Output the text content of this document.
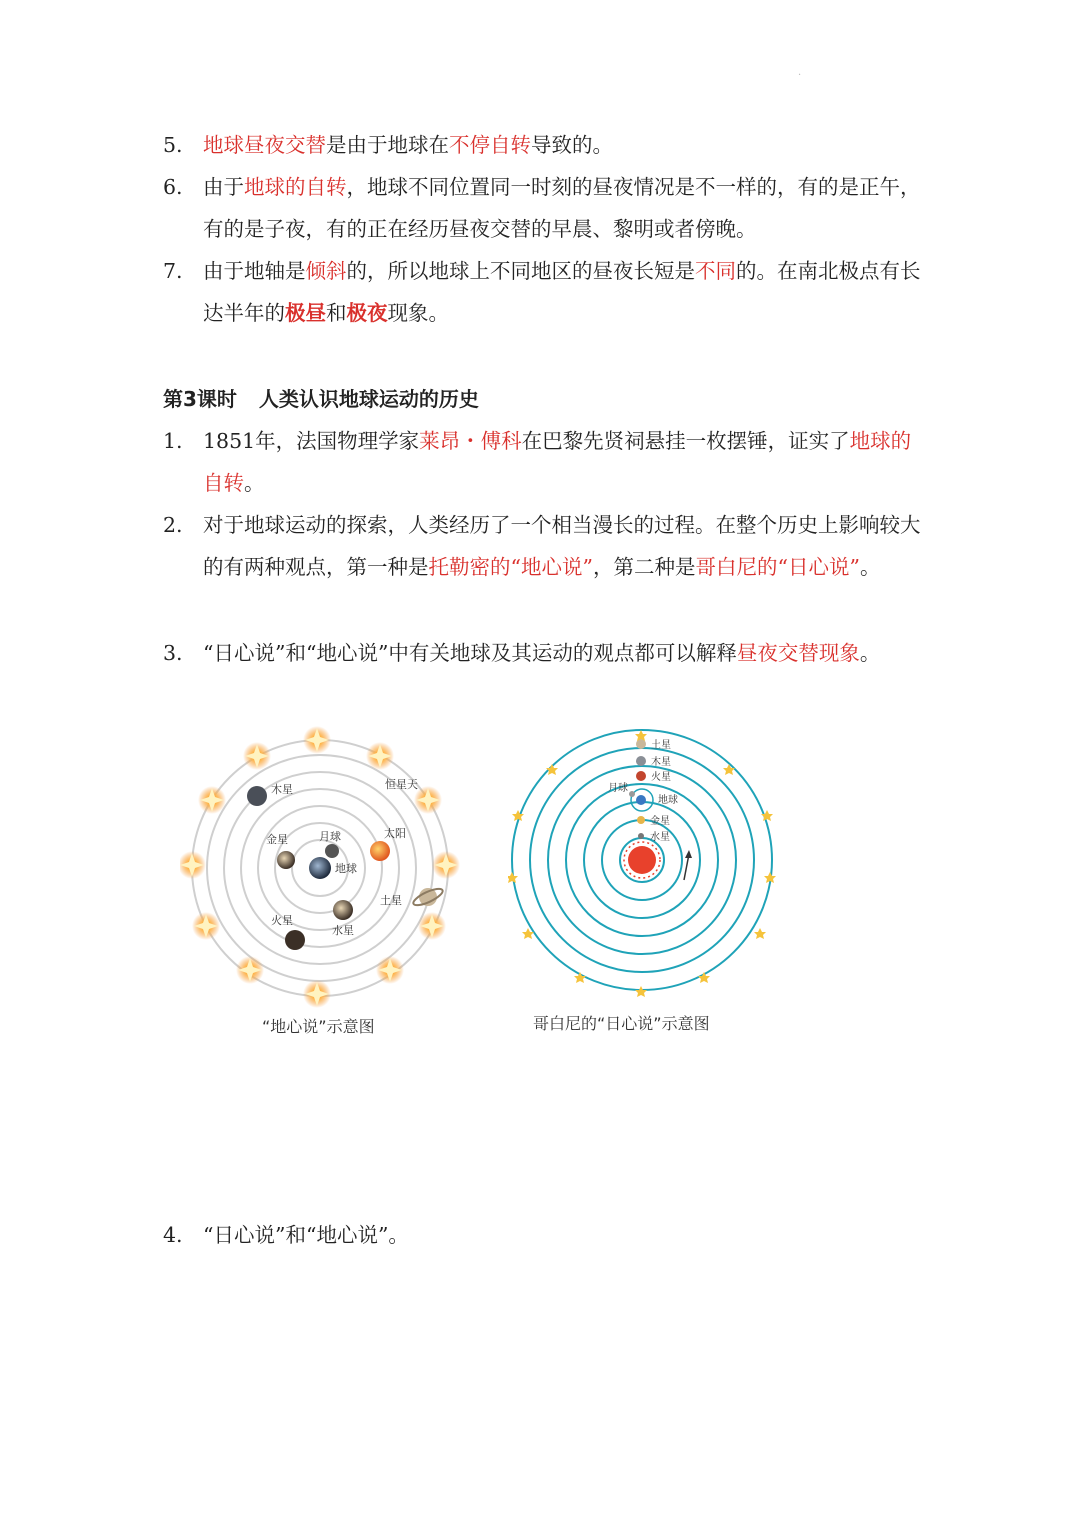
·
5. 地球昼夜交替是由于地球在不停自转导致的。
6. 由于地球的自转，地球不同位置同一时刻的昼夜情况是不一样的，有的是正午，有的是子夜，有的正在经历昼夜交替的早晨、黎明或者傍晚。
7. 由于地轴是倾斜的，所以地球上不同地区的昼夜长短是不同的。在南北极点有长达半年的极昼和极夜现象。
第3课时 人类认识地球运动的历史
1. 1851年，法国物理学家莱昂・傅科在巴黎先贤祠悬挂一枚摆锤，证实了地球的自转。
2. 对于地球运动的探索，人类经历了一个相当漫长的过程。在整个历史上影响较大的有两种观点，第一种是托勒密的“地心说”，第二种是哥白尼的“日心说”。
3. “日心说”和“地心说”中有关地球及其运动的观点都可以解释昼夜交替现象。
木星	恒星天
金星	月球	太阳
地球
土星
火星
水星
“地心说”示意图
土星
木星
火星
月球
地球
金星
水星
哥白尼的“日心说”示意图
4. “日心说”和“地心说”。
